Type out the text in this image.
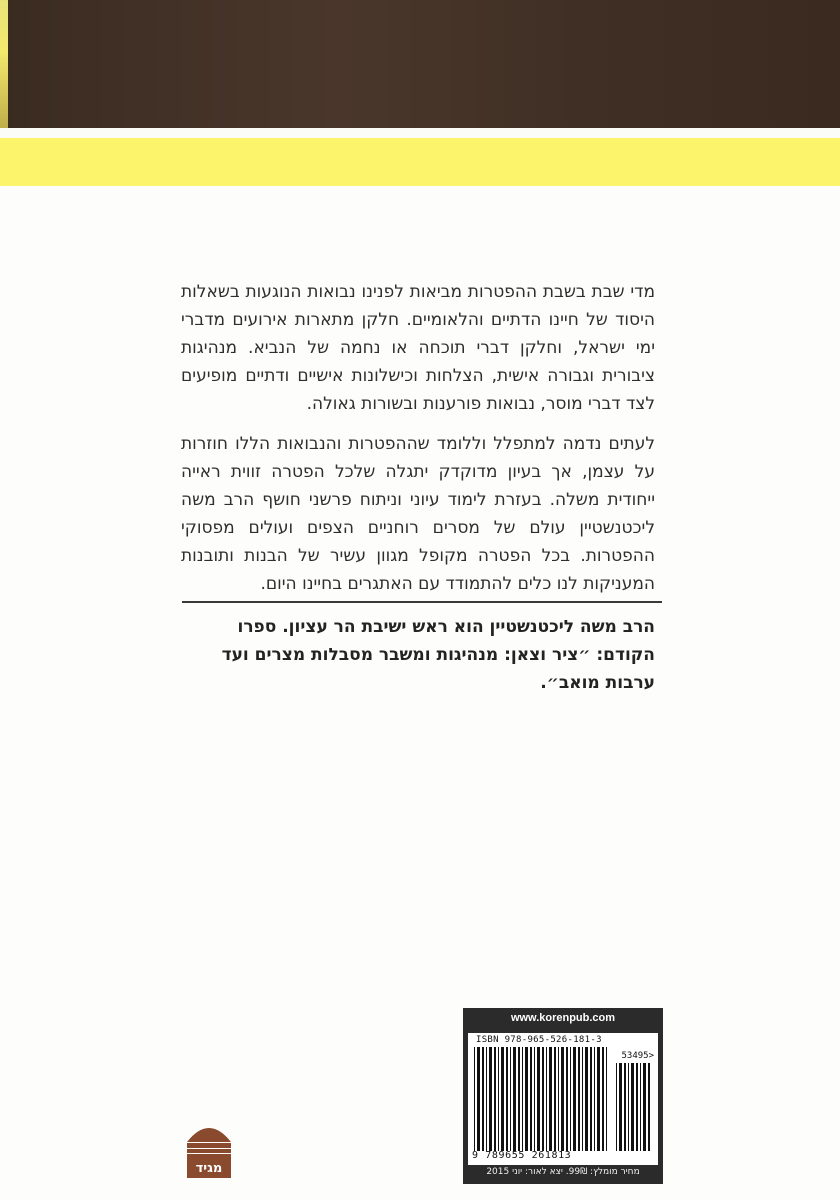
מדי שבת בשבת ההפטרות מביאות לפנינו נבואות הנוגעות בשאלות היסוד של חיינו הדתיים והלאומיים. חלקן מתארות אירועים מדברי ימי ישראל, וחלקן דברי תוכחה או נחמה של הנביא. מנהיגות ציבורית וגבורה אישית, הצלחות וכישלונות אישיים ודתיים מופיעים לצד דברי מוסר, נבואות פורענות ובשורות גאולה.

לעתים נדמה למתפלל וללומד שההפטרות והנבואות הללו חוזרות על עצמן, אך בעיון מדוקדק יתגלה שלכל הפטרה זווית ראייה ייחודית משלה. בעזרת לימוד עיוני וניתוח פרשני חושף הרב משה ליכטנשטיין עולם של מסרים רוחניים הצפים ועולים מפסוקי ההפטרות. בכל הפטרה מקופל מגוון עשיר של הבנות ותובנות המעניקות לנו כלים להתמודד עם האתגרים בחיינו היום.

הרב משה ליכטנשטיין הוא ראש ישיבת הר עציון. ספרו הקודם: ״ציר וצאן: מנהיגות ומשבר מסבלות מצרים ועד ערבות מואב״.
מגיד
www.korenpub.com
ISBN 978-965-526-181-3
53495>
9 789655 261813
מחיר מומלץ: 99₪. יצא לאור: יוני 2015
